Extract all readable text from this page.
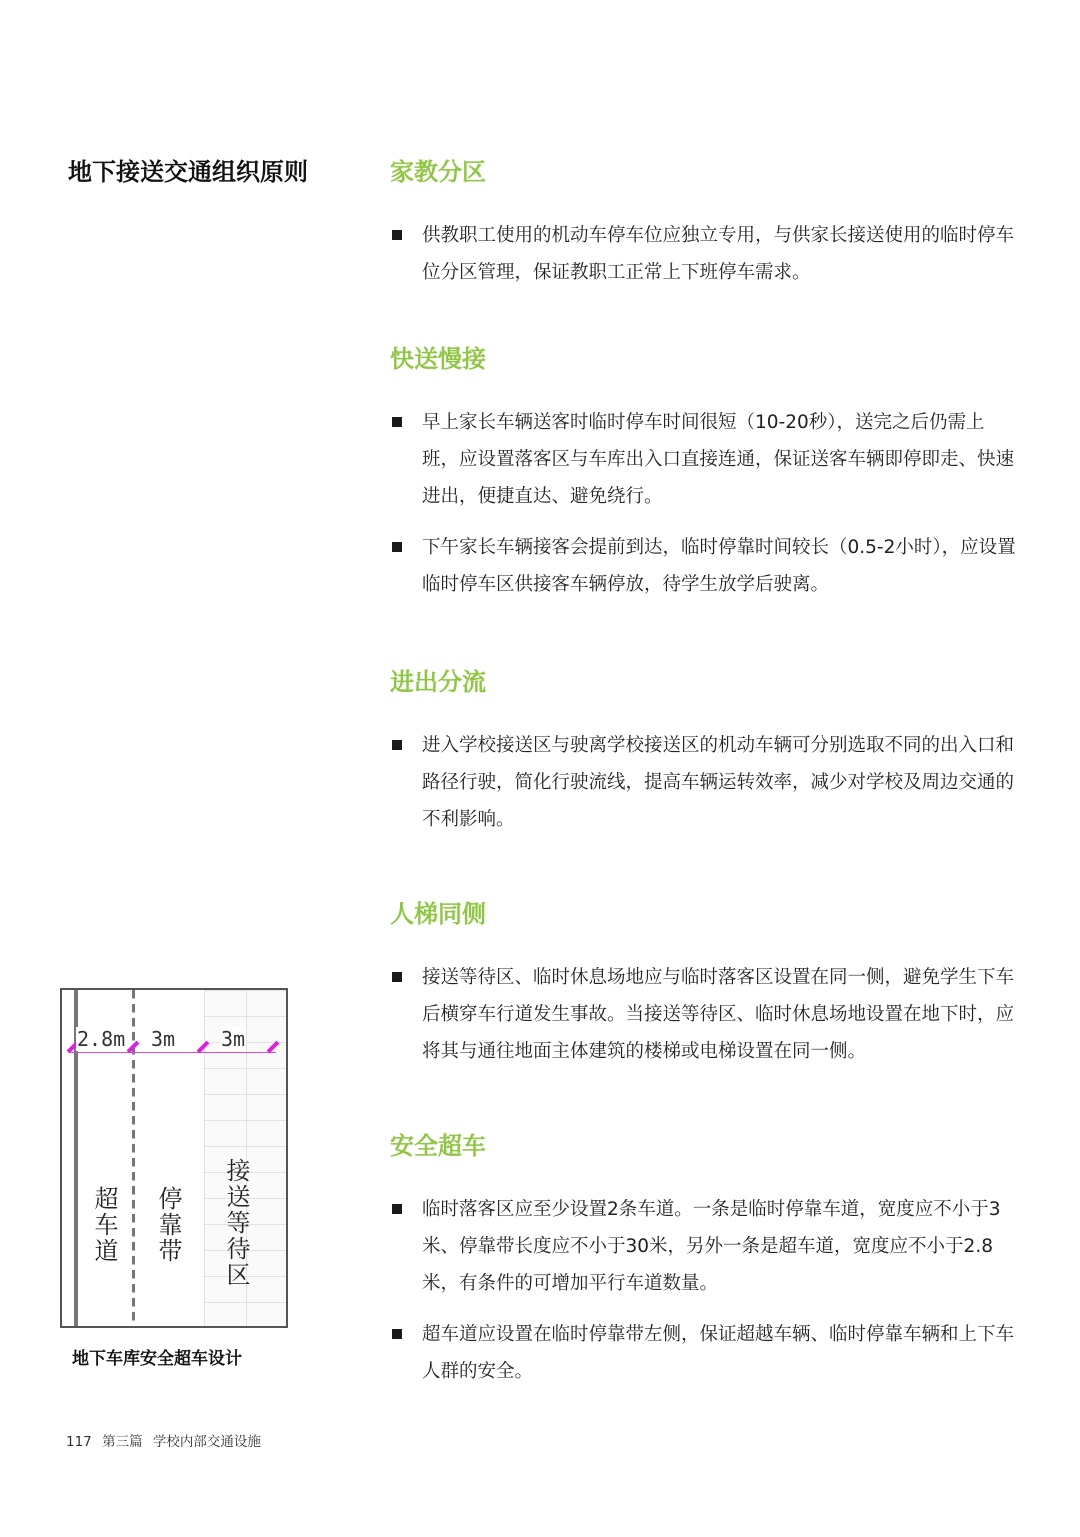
地下接送交通组织原则	家教分区
供教职工使用的机动车停车位应独立专用，与供家长接送使用的临时停车位分区管理，保证教职工正常上下班停车需求。
快送慢接
早上家长车辆送客时临时停车时间很短（10-20秒），送完之后仍需上班，应设置落客区与车库出入口直接连通，保证送客车辆即停即走、快速进出，便捷直达、避免绕行。
下午家长车辆接客会提前到达，临时停靠时间较长（0.5-2小时），应设置临时停车区供接客车辆停放，待学生放学后驶离。
进出分流
进入学校接送区与驶离学校接送区的机动车辆可分别选取不同的出入口和路径行驶，简化行驶流线，提高车辆运转效率，减少对学校及周边交通的不利影响。
人梯同侧
接送等待区、临时休息场地应与临时落客区设置在同一侧，避免学生下车后横穿车行道发生事故。当接送等待区、临时休息场地设置在地下时，应将其与通往地面主体建筑的楼梯或电梯设置在同一侧。
安全超车
临时落客区应至少设置2条车道。一条是临时停靠车道，宽度应不小于3米、停靠带长度应不小于30米，另外一条是超车道，宽度应不小于2.8米，有条件的可增加平行车道数量。
超车道应设置在临时停靠带左侧，保证超越车辆、临时停靠车辆和上下车人群的安全。
2.8m 3m 3m
超车道 停靠带 接送等待区
地下车库安全超车设计
117 第三篇 学校内部交通设施
